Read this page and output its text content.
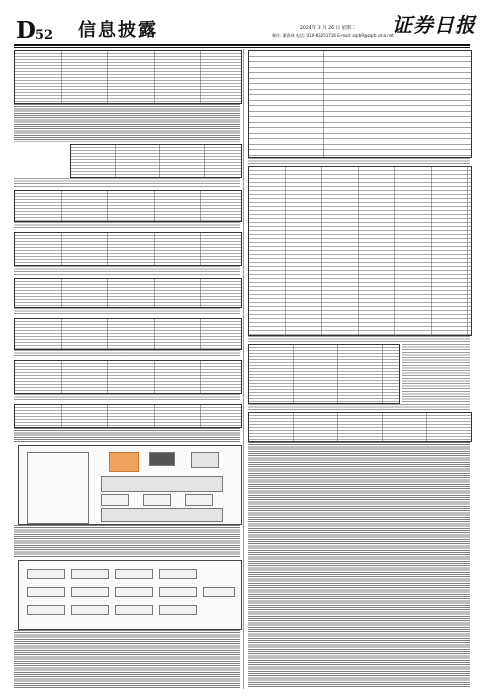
D 52 信息披露	2024年 3 月 26 日 星期二
制作: 董春林 电话: 010-83251716 E-mail: zqrb9@zqrb.sina.net
证券日报
